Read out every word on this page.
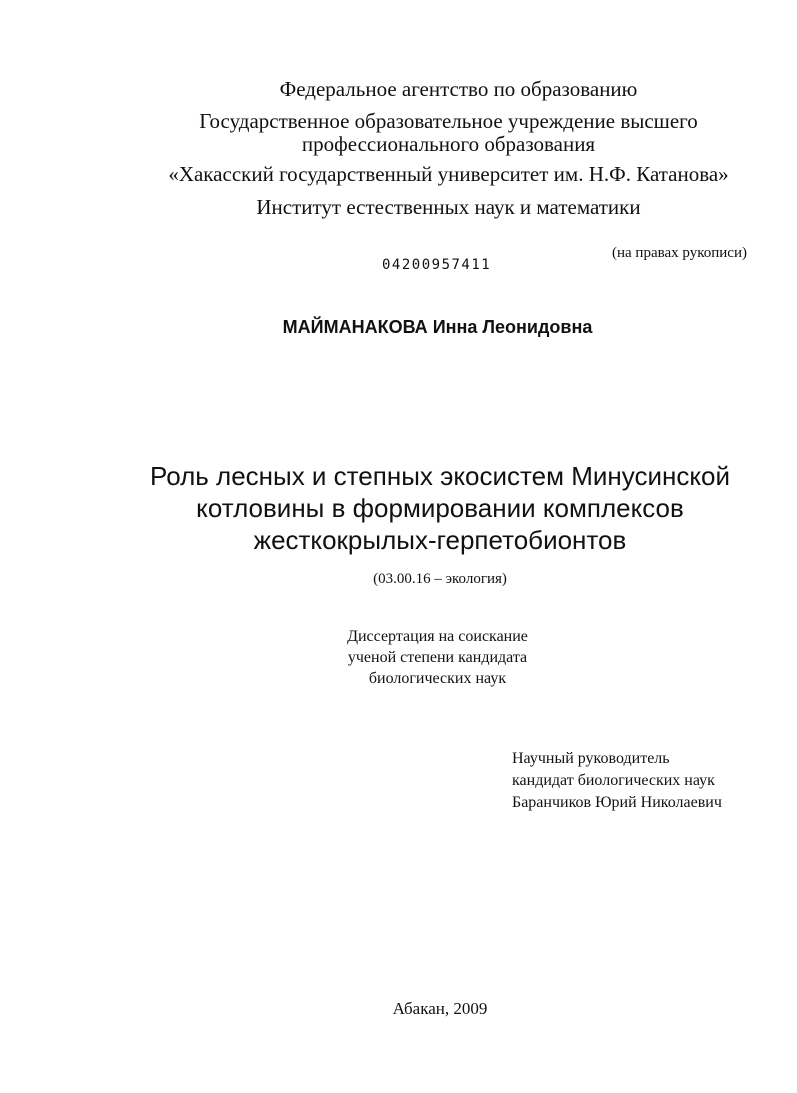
Федеральное агентство по образованию
Государственное образовательное учреждение высшего
профессионального образования
«Хакасский государственный университет им. Н.Ф. Катанова»
Институт естественных наук и математики
(на правах рукописи)
04200957411
МАЙМАНАКОВА Инна Леонидовна
Роль лесных и степных экосистем Минусинской
котловины в формировании комплексов
жесткокрылых-герпетобионтов
(03.00.16 – экология)
Диссертация на соискание
ученой степени кандидата
биологических наук
Научный руководитель
кандидат биологических наук
Баранчиков Юрий Николаевич
Абакан, 2009
